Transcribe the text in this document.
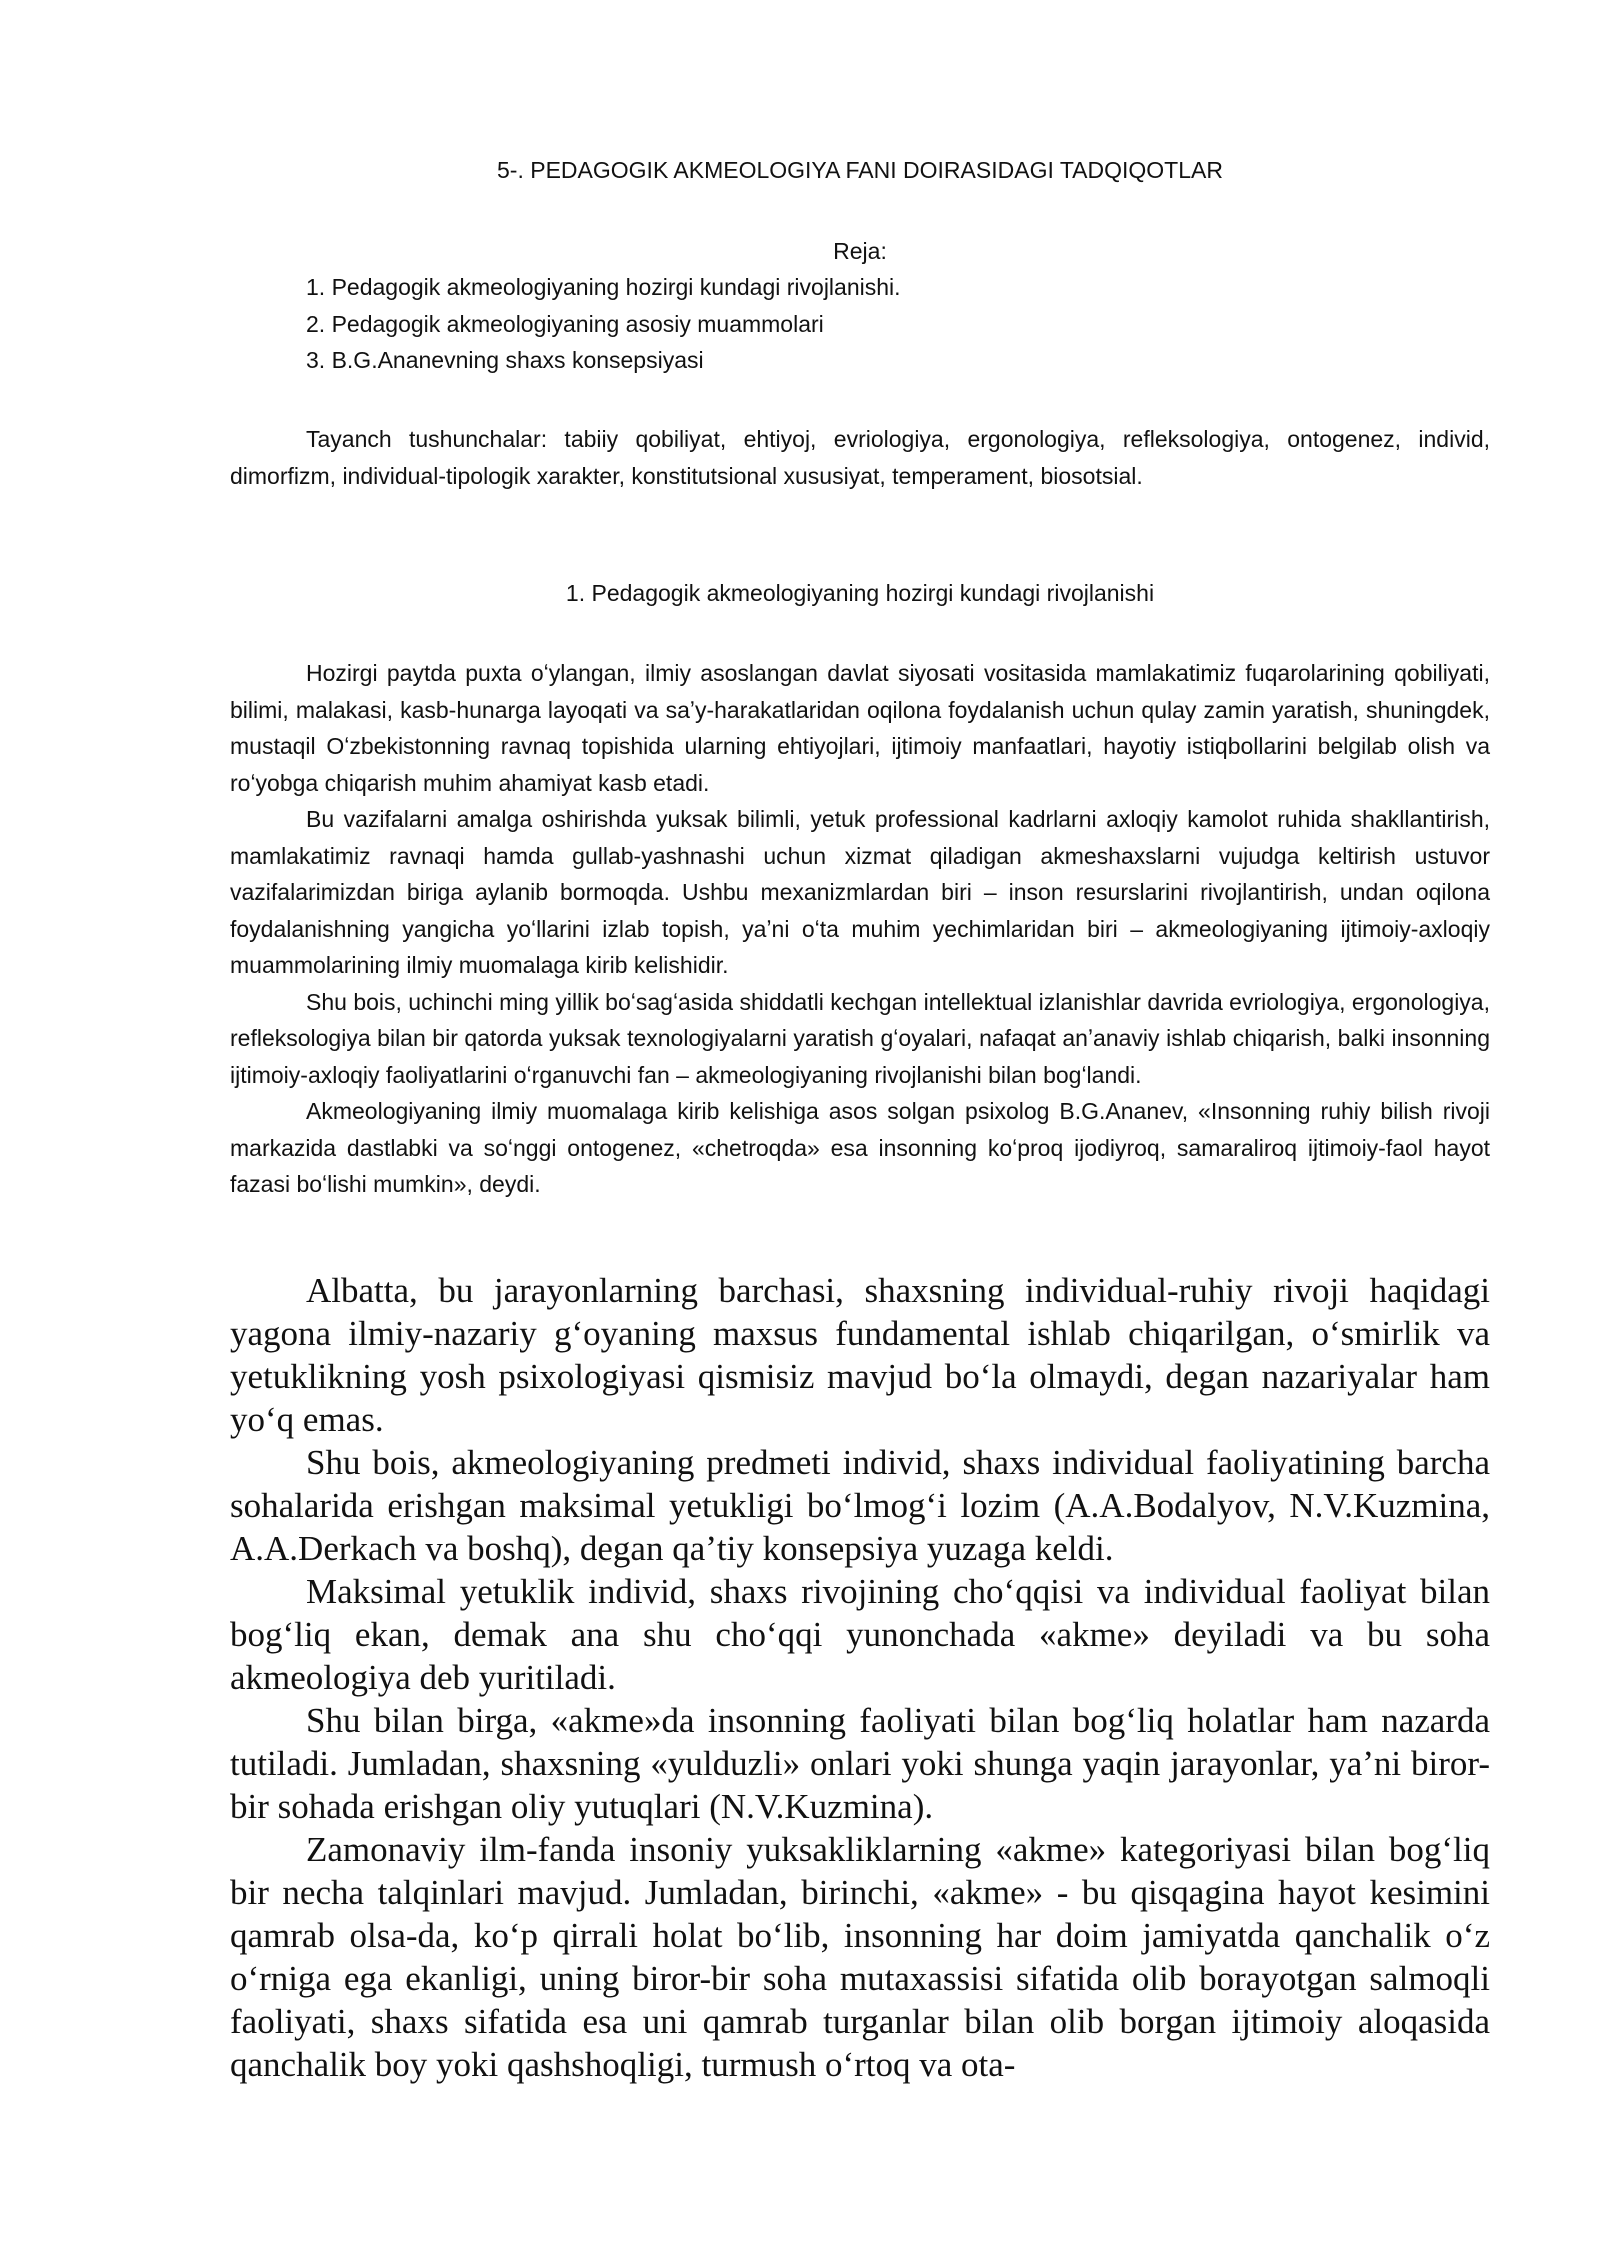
5-. PEDAGOGIK AKMEOLOGIYA FANI DOIRASIDAGI TADQIQOTLAR

Reja:

1. Pedagogik akmeologiyaning hozirgi kundagi rivojlanishi.
2. Pedagogik akmeologiyaning asosiy muammolari
3. B.G.Ananevning shaxs konsepsiyasi

Tayanch tushunchalar: tabiiy qobiliyat, ehtiyoj, evriologiya, ergonologiya, refleksologiya, ontogenez, individ, dimorfizm, individual-tipologik xarakter, konstitutsional xususiyat, temperament, biosotsial.

1. Pedagogik akmeologiyaning hozirgi kundagi rivojlanishi

Hozirgi paytda puxta oʻylangan, ilmiy asoslangan davlat siyosati vositasida mamlakatimiz fuqarolarining qobiliyati, bilimi, malakasi, kasb-hunarga layoqati va saʼy-harakatlaridan oqilona foydalanish uchun qulay zamin yaratish, shuningdek, mustaqil Oʻzbekistonning ravnaq topishida ularning ehtiyojlari, ijtimoiy manfaatlari, hayotiy istiqbollarini belgilab olish va roʻyobga chiqarish muhim ahamiyat kasb etadi.

Bu vazifalarni amalga oshirishda yuksak bilimli, yetuk professional kadrlarni axloqiy kamolot ruhida shakllantirish, mamlakatimiz ravnaqi hamda gullab-yashnashi uchun xizmat qiladigan akmeshaxslarni vujudga keltirish ustuvor vazifalarimizdan biriga aylanib bormoqda. Ushbu mexanizmlardan biri – inson resurslarini rivojlantirish, undan oqilona foydalanishning yangicha yoʻllarini izlab topish, yaʼni oʻta muhim yechimlaridan biri – akmeologiyaning ijtimoiy-axloqiy muammolarining ilmiy muomalaga kirib kelishidir.

Shu bois, uchinchi ming yillik boʻsagʻasida shiddatli kechgan intellektual izlanishlar davrida evriologiya, ergonologiya, refleksologiya bilan bir qatorda yuksak texnologiyalarni yaratish gʻoyalari, nafaqat anʼanaviy ishlab chiqarish, balki insonning ijtimoiy-axloqiy faoliyatlarini oʻrganuvchi fan – akmeologiyaning rivojlanishi bilan bogʻlandi.

Akmeologiyaning ilmiy muomalaga kirib kelishiga asos solgan psixolog B.G.Ananev, «Insonning ruhiy bilish rivoji markazida dastlabki va soʻnggi ontogenez, «chetroqda» esa insonning koʻproq ijodiyroq, samaraliroq ijtimoiy-faol hayot fazasi boʻlishi mumkin», deydi.

Albatta, bu jarayonlarning barchasi, shaxsning individual-ruhiy rivoji haqidagi yagona ilmiy-nazariy gʻoyaning maxsus fundamental ishlab chiqarilgan, oʻsmirlik va yetuklikning yosh psixologiyasi qismisiz mavjud boʻla olmaydi, degan nazariyalar ham yoʻq emas.

Shu bois, akmeologiyaning predmeti individ, shaxs individual faoliyatining barcha sohalarida erishgan maksimal yetukligi boʻlmogʻi lozim (A.A.Bodalyov, N.V.Kuzmina, A.A.Derkach va boshq), degan qaʼtiy konsepsiya yuzaga keldi.

Maksimal yetuklik individ, shaxs rivojining choʻqqisi va individual faoliyat bilan bogʻliq ekan, demak ana shu choʻqqi yunonchada «akme» deyiladi va bu soha akmeologiya deb yuritiladi.

Shu bilan birga, «akme»da insonning faoliyati bilan bogʻliq holatlar ham nazarda tutiladi. Jumladan, shaxsning «yulduzli» onlari yoki shunga yaqin jarayonlar, yaʼni biror-bir sohada erishgan oliy yutuqlari (N.V.Kuzmina).

Zamonaviy ilm-fanda insoniy yuksakliklarning «akme» kategoriyasi bilan bogʻliq bir necha talqinlari mavjud. Jumladan, birinchi, «akme» - bu qisqagina hayot kesimini qamrab olsa-da, koʻp qirrali holat boʻlib, insonning har doim jamiyatda qanchalik oʻz oʻrniga ega ekanligi, uning biror-bir soha mutaxassisi sifatida olib borayotgan salmoqli faoliyati, shaxs sifatida esa uni qamrab turganlar bilan olib borgan ijtimoiy aloqasida qanchalik boy yoki qashshoqligi, turmush oʻrtoq va ota-
